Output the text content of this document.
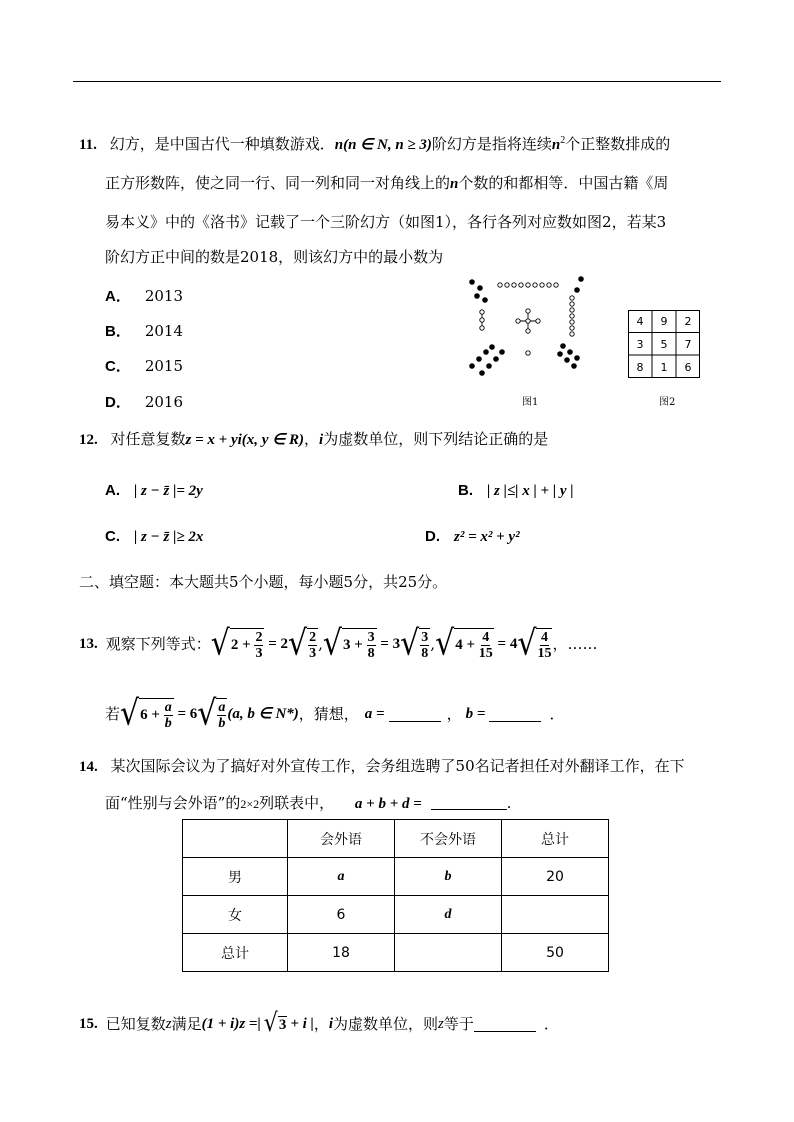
11. 幻方，是中国古代一种填数游戏．n(n ∈ N, n ≥ 3)阶幻方是指将连续$n^2$个正整数排成的
正方形数阵，使之同一行、同一列和同一对角线上的n个数的和都相等．中国古籍《周
易本义》中的《洛书》记载了一个三阶幻方（如图1），各行各列对应数如图2，若某3
阶幻方正中间的数是2018，则该幻方中的最小数为
A． 2013
B． 2014
C． 2015
D． 2016	图1
4 9 2
3 5 7
8 1 6
图2
12. 对任意复数z = x + yi(x, y ∈ R)，i为虚数单位，则下列结论正确的是
A. | z − z̄ |= 2y	B. | z |≤| x | + | y |
C. | z − z̄ |≥ 2x	D. z² = x² + y²
二、填空题：本大题共5个小题，每小题5分，共25分。
13. 观察下列等式： √ $2 + \frac{2}{3} = 2$ √ $\frac{2}{3}$ , √ $3 + \frac{3}{8} = 3$ √ $\frac{3}{8}$ , √ $4 + \frac{4}{15} = 4$ √ $\frac{4}{15}$ ，……
若 √ $6 + \frac{a}{b} = 6$ √ $\frac{a}{b} (a$, b ∈ N*) ，猜想， a =	， b =	．
14. 某次国际会议为了搞好对外宣传工作，会务组选聘了50名记者担任对外翻译工作，在下
面“性别与会外语”的2×2列联表中， a + b + d =	.
	会外语	不会外语	总计
男	a	b	20
女	6	d	
总计	18		50
15. 已知复数 z 满足 (1 + i)z =| √ 3 + i | ， i 为虚数单位，则 z 等于	．
